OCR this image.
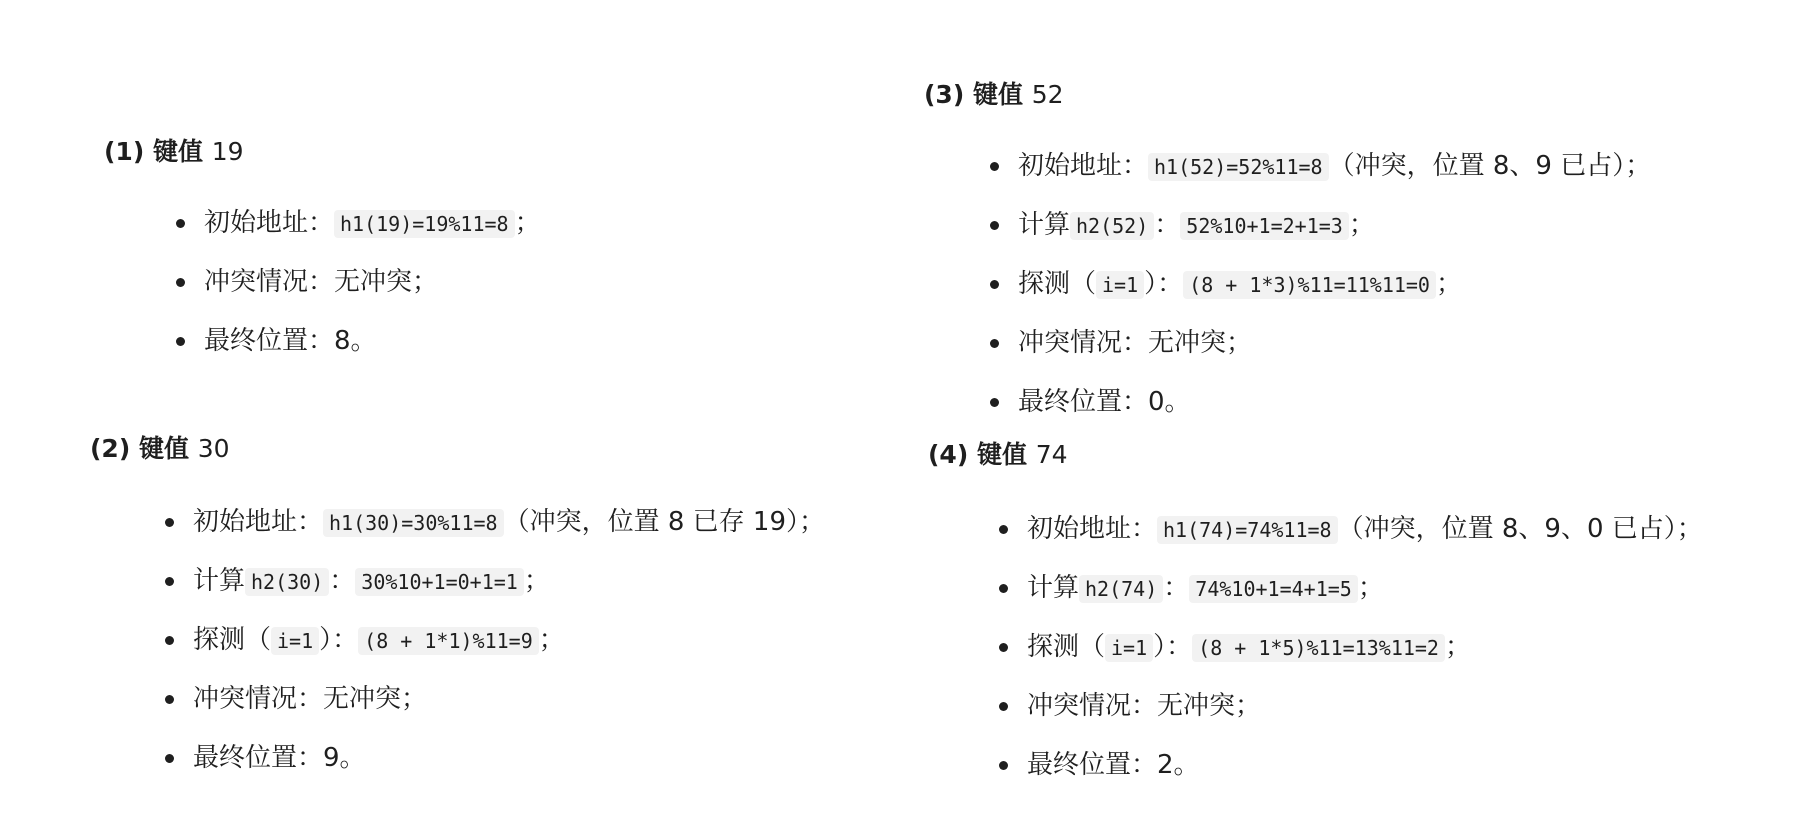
(1) 键值 19
初始地址： h1(19)=19%11=8 ；
冲突情况：无冲突；
最终位置：8。
(2) 键值 30
初始地址： h1(30)=30%11=8 （冲突，位置 8 已存 19）；
计算 h2(30) ： 30%10+1=0+1=1 ；
探测（ i=1 ）： (8 + 1*1)%11=9 ；
冲突情况：无冲突；
最终位置：9。
(3) 键值 52
初始地址： h1(52)=52%11=8 （冲突，位置 8、9 已占）；
计算 h2(52) ： 52%10+1=2+1=3 ；
探测（ i=1 ）： (8 + 1*3)%11=11%11=0 ；
冲突情况：无冲突；
最终位置：0。
(4) 键值 74
初始地址： h1(74)=74%11=8 （冲突，位置 8、9、0 已占）；
计算 h2(74) ： 74%10+1=4+1=5 ；
探测（ i=1 ）： (8 + 1*5)%11=13%11=2 ；
冲突情况：无冲突；
最终位置：2。
